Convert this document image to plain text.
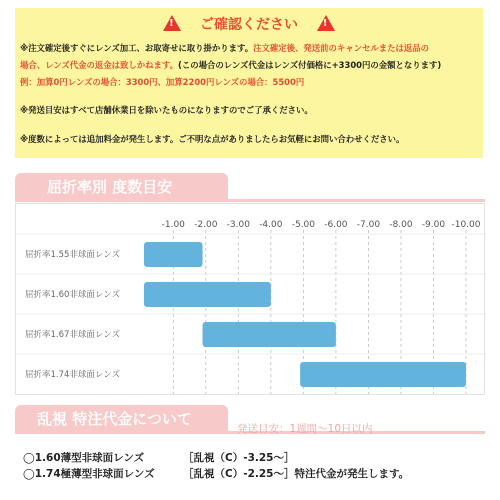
! ご確認ください !
※注文確定後すぐにレンズ加工、お取寄せに取り掛かります。注文確定後、発送前のキャンセルまたは返品の
場合、レンズ代金の返金は致しかねます。(この場合のレンズ代金はレンズ付価格に+3300円の金額となります)
例：加算0円レンズの場合：3300円、加算2200円レンズの場合：5500円
※発送目安はすべて店舗休業日を除いたものになりますのでご了承ください。
※度数によっては追加料金が発生します。ご不明な点がありましたらお気軽にお問い合わせください。
屈折率別 度数目安
-1.00 -2.00 -3.00 -4.00 -5.00 -6.00 -7.00 -8.00 -9.00 -10.00
屈折率1.55非球面レンズ
屈折率1.60非球面レンズ
屈折率1.67非球面レンズ
屈折率1.74非球面レンズ
乱視 特注代金について
発送目安：1週間〜10日以内
◯1.60薄型非球面レンズ	［乱視（C）-3.25〜］
◯1.74極薄型非球面レンズ	［乱視（C）-2.25〜］特注代金が発生します。
